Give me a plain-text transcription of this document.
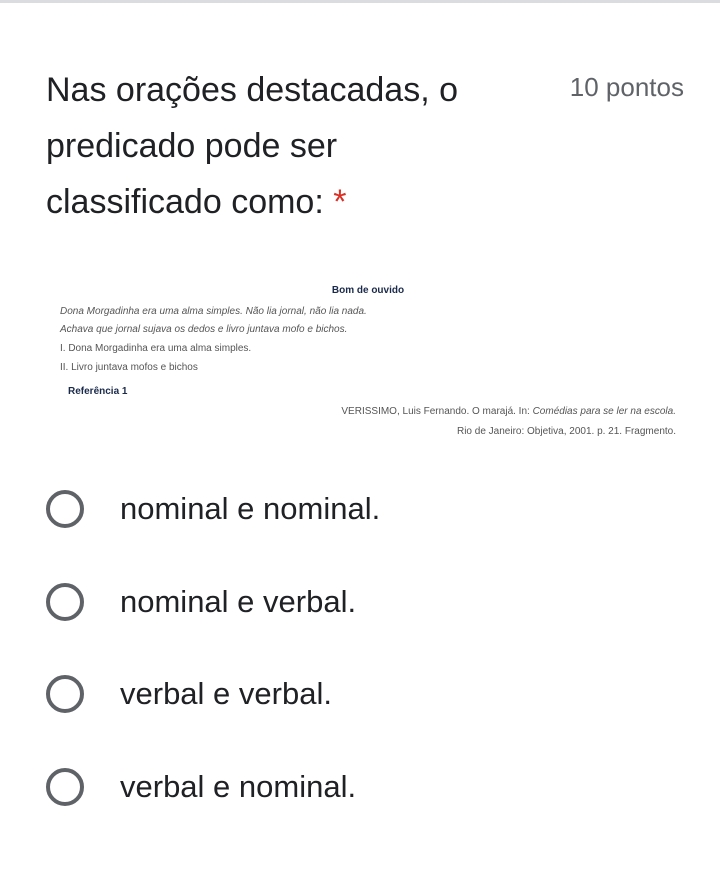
Nas orações destacadas, o predicado pode ser classificado como: *
10 pontos
Bom de ouvido
Dona Morgadinha era uma alma simples. Não lia jornal, não lia nada.
Achava que jornal sujava os dedos e livro juntava mofo e bichos.
I. Dona Morgadinha era uma alma simples.
II. Livro juntava mofos e bichos
Referência 1
VERISSIMO, Luis Fernando. O marajá. In: Comédias para se ler na escola.
Rio de Janeiro: Objetiva, 2001. p. 21. Fragmento.
nominal e nominal.
nominal e verbal.
verbal e verbal.
verbal e nominal.
